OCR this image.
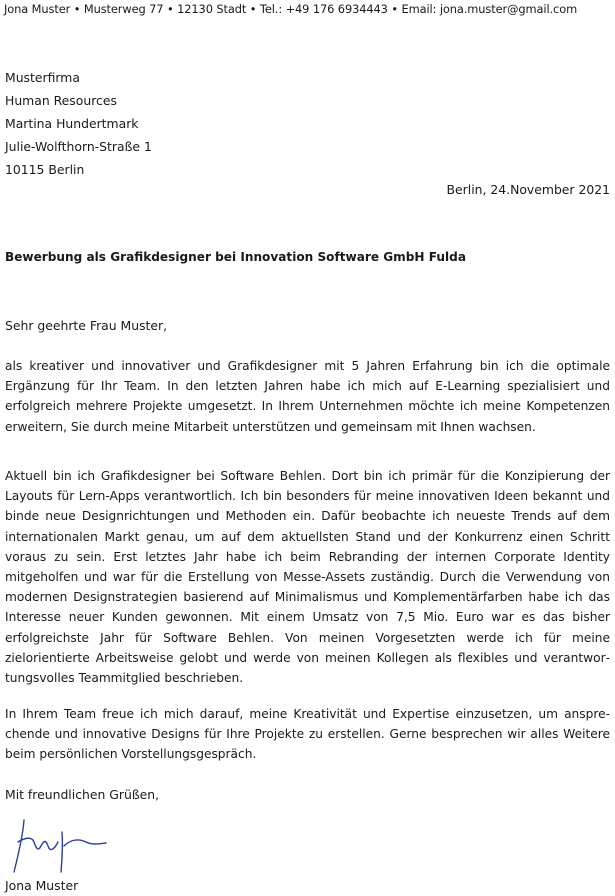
Jona Muster • Musterweg 77 • 12130 Stadt • Tel.: +49 176 6934443 • Email: jona.muster@gmail.com
Musterfirma
Human Resources
Martina Hundertmark
Julie-Wolfthorn-Straße 1
10115 Berlin
Berlin, 24.November 2021
Bewerbung als Grafikdesigner bei Innovation Software GmbH Fulda
Sehr geehrte Frau Muster,
als kreativer und innovativer und Grafikdesigner mit 5 Jahren Erfahrung bin ich die optimale Ergänzung für Ihr Team. In den letzten Jahren habe ich mich auf E-Learning spezialisiert und erfolgreich mehrere Projekte umgesetzt. In Ihrem Unternehmen möchte ich meine Kompetenzen erweitern, Sie durch meine Mitarbeit unterstützen und gemeinsam mit Ihnen wachsen.
Aktuell bin ich Grafikdesigner bei Software Behlen. Dort bin ich primär für die Konzipierung der Layouts für Lern-Apps verantwortlich. Ich bin besonders für meine innovativen Ideen bekannt und binde neue Designrichtungen und Methoden ein. Dafür beobachte ich neueste Trends auf dem internationalen Markt genau, um auf dem aktuellsten Stand und der Konkurrenz einen Schritt voraus zu sein. Erst letztes Jahr habe ich beim Rebranding der internen Corporate Identity mitgeholfen und war für die Erstellung von Messe-Assets zuständig. Durch die Verwendung von modernen Designstrategien basierend auf Minimalismus und Komplementärfarben habe ich das Interesse neuer Kunden gewonnen. Mit einem Umsatz von 7,5 Mio. Euro war es das bisher erfolgreichste Jahr für Software Behlen. Von meinen Vorgesetzten werde ich für meine zielorientierte Arbeitsweise gelobt und werde von meinen Kollegen als flexibles und verantwortungsvolles Teammitglied beschrieben.
In Ihrem Team freue ich mich darauf, meine Kreativität und Expertise einzusetzen, um ansprechende und innovative Designs für Ihre Projekte zu erstellen. Gerne besprechen wir alles Weitere beim persönlichen Vorstellungsgespräch.
Mit freundlichen Grüßen,
Jona Muster
